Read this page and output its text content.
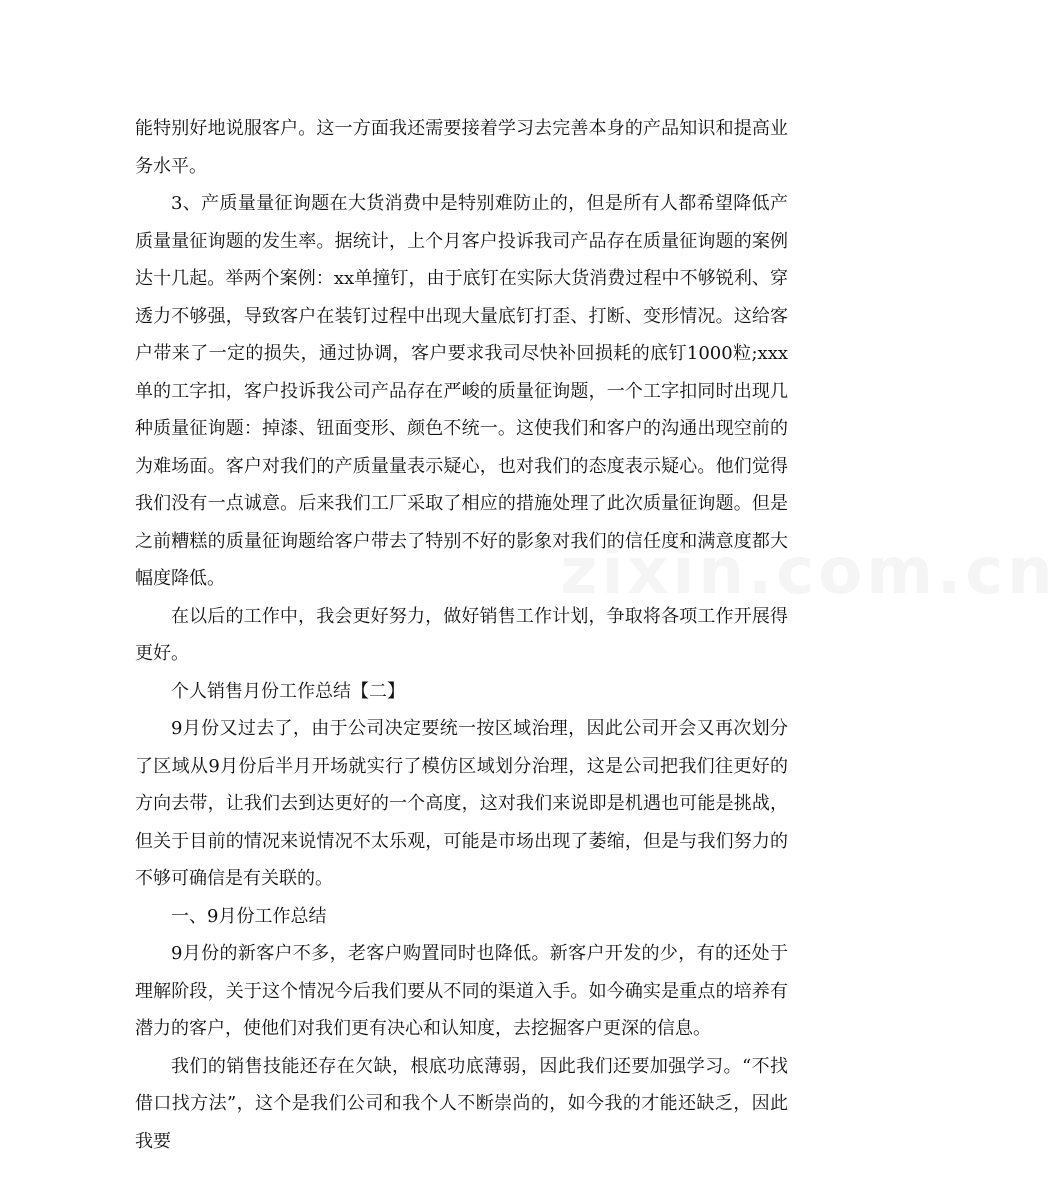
能特别好地说服客户。这一方面我还需要接着学习去完善本身的产品知识和提高业务水平。

3、产质量量征询题在大货消费中是特别难防止的，但是所有人都希望降低产质量量征询题的发生率。据统计，上个月客户投诉我司产品存在质量征询题的案例达十几起。举两个案例：xx单撞钉，由于底钉在实际大货消费过程中不够锐利、穿透力不够强，导致客户在装钉过程中出现大量底钉打歪、打断、变形情况。这给客户带来了一定的损失，通过协调，客户要求我司尽快补回损耗的底钉1000粒;xxx单的工字扣，客户投诉我公司产品存在严峻的质量征询题，一个工字扣同时出现几种质量征询题：掉漆、钮面变形、颜色不统一。这使我们和客户的沟通出现空前的为难场面。客户对我们的产质量量表示疑心，也对我们的态度表示疑心。他们觉得我们没有一点诚意。后来我们工厂采取了相应的措施处理了此次质量征询题。但是之前糟糕的质量征询题给客户带去了特别不好的影象对我们的信任度和满意度都大幅度降低。

在以后的工作中，我会更好努力，做好销售工作计划，争取将各项工作开展得更好。

个人销售月份工作总结【二】

9月份又过去了，由于公司决定要统一按区域治理，因此公司开会又再次划分了区域从9月份后半月开场就实行了模仿区域划分治理，这是公司把我们往更好的方向去带，让我们去到达更好的一个高度，这对我们来说即是机遇也可能是挑战，但关于目前的情况来说情况不太乐观，可能是市场出现了萎缩，但是与我们努力的不够可确信是有关联的。

一、9月份工作总结

9月份的新客户不多，老客户购置同时也降低。新客户开发的少，有的还处于理解阶段，关于这个情况今后我们要从不同的渠道入手。如今确实是重点的培养有潜力的客户，使他们对我们更有决心和认知度，去挖掘客户更深的信息。

我们的销售技能还存在欠缺，根底功底薄弱，因此我们还要加强学习。“不找借口找方法”，这个是我们公司和我个人不断崇尚的，如今我的才能还缺乏，因此我要

zixin.com.cn
